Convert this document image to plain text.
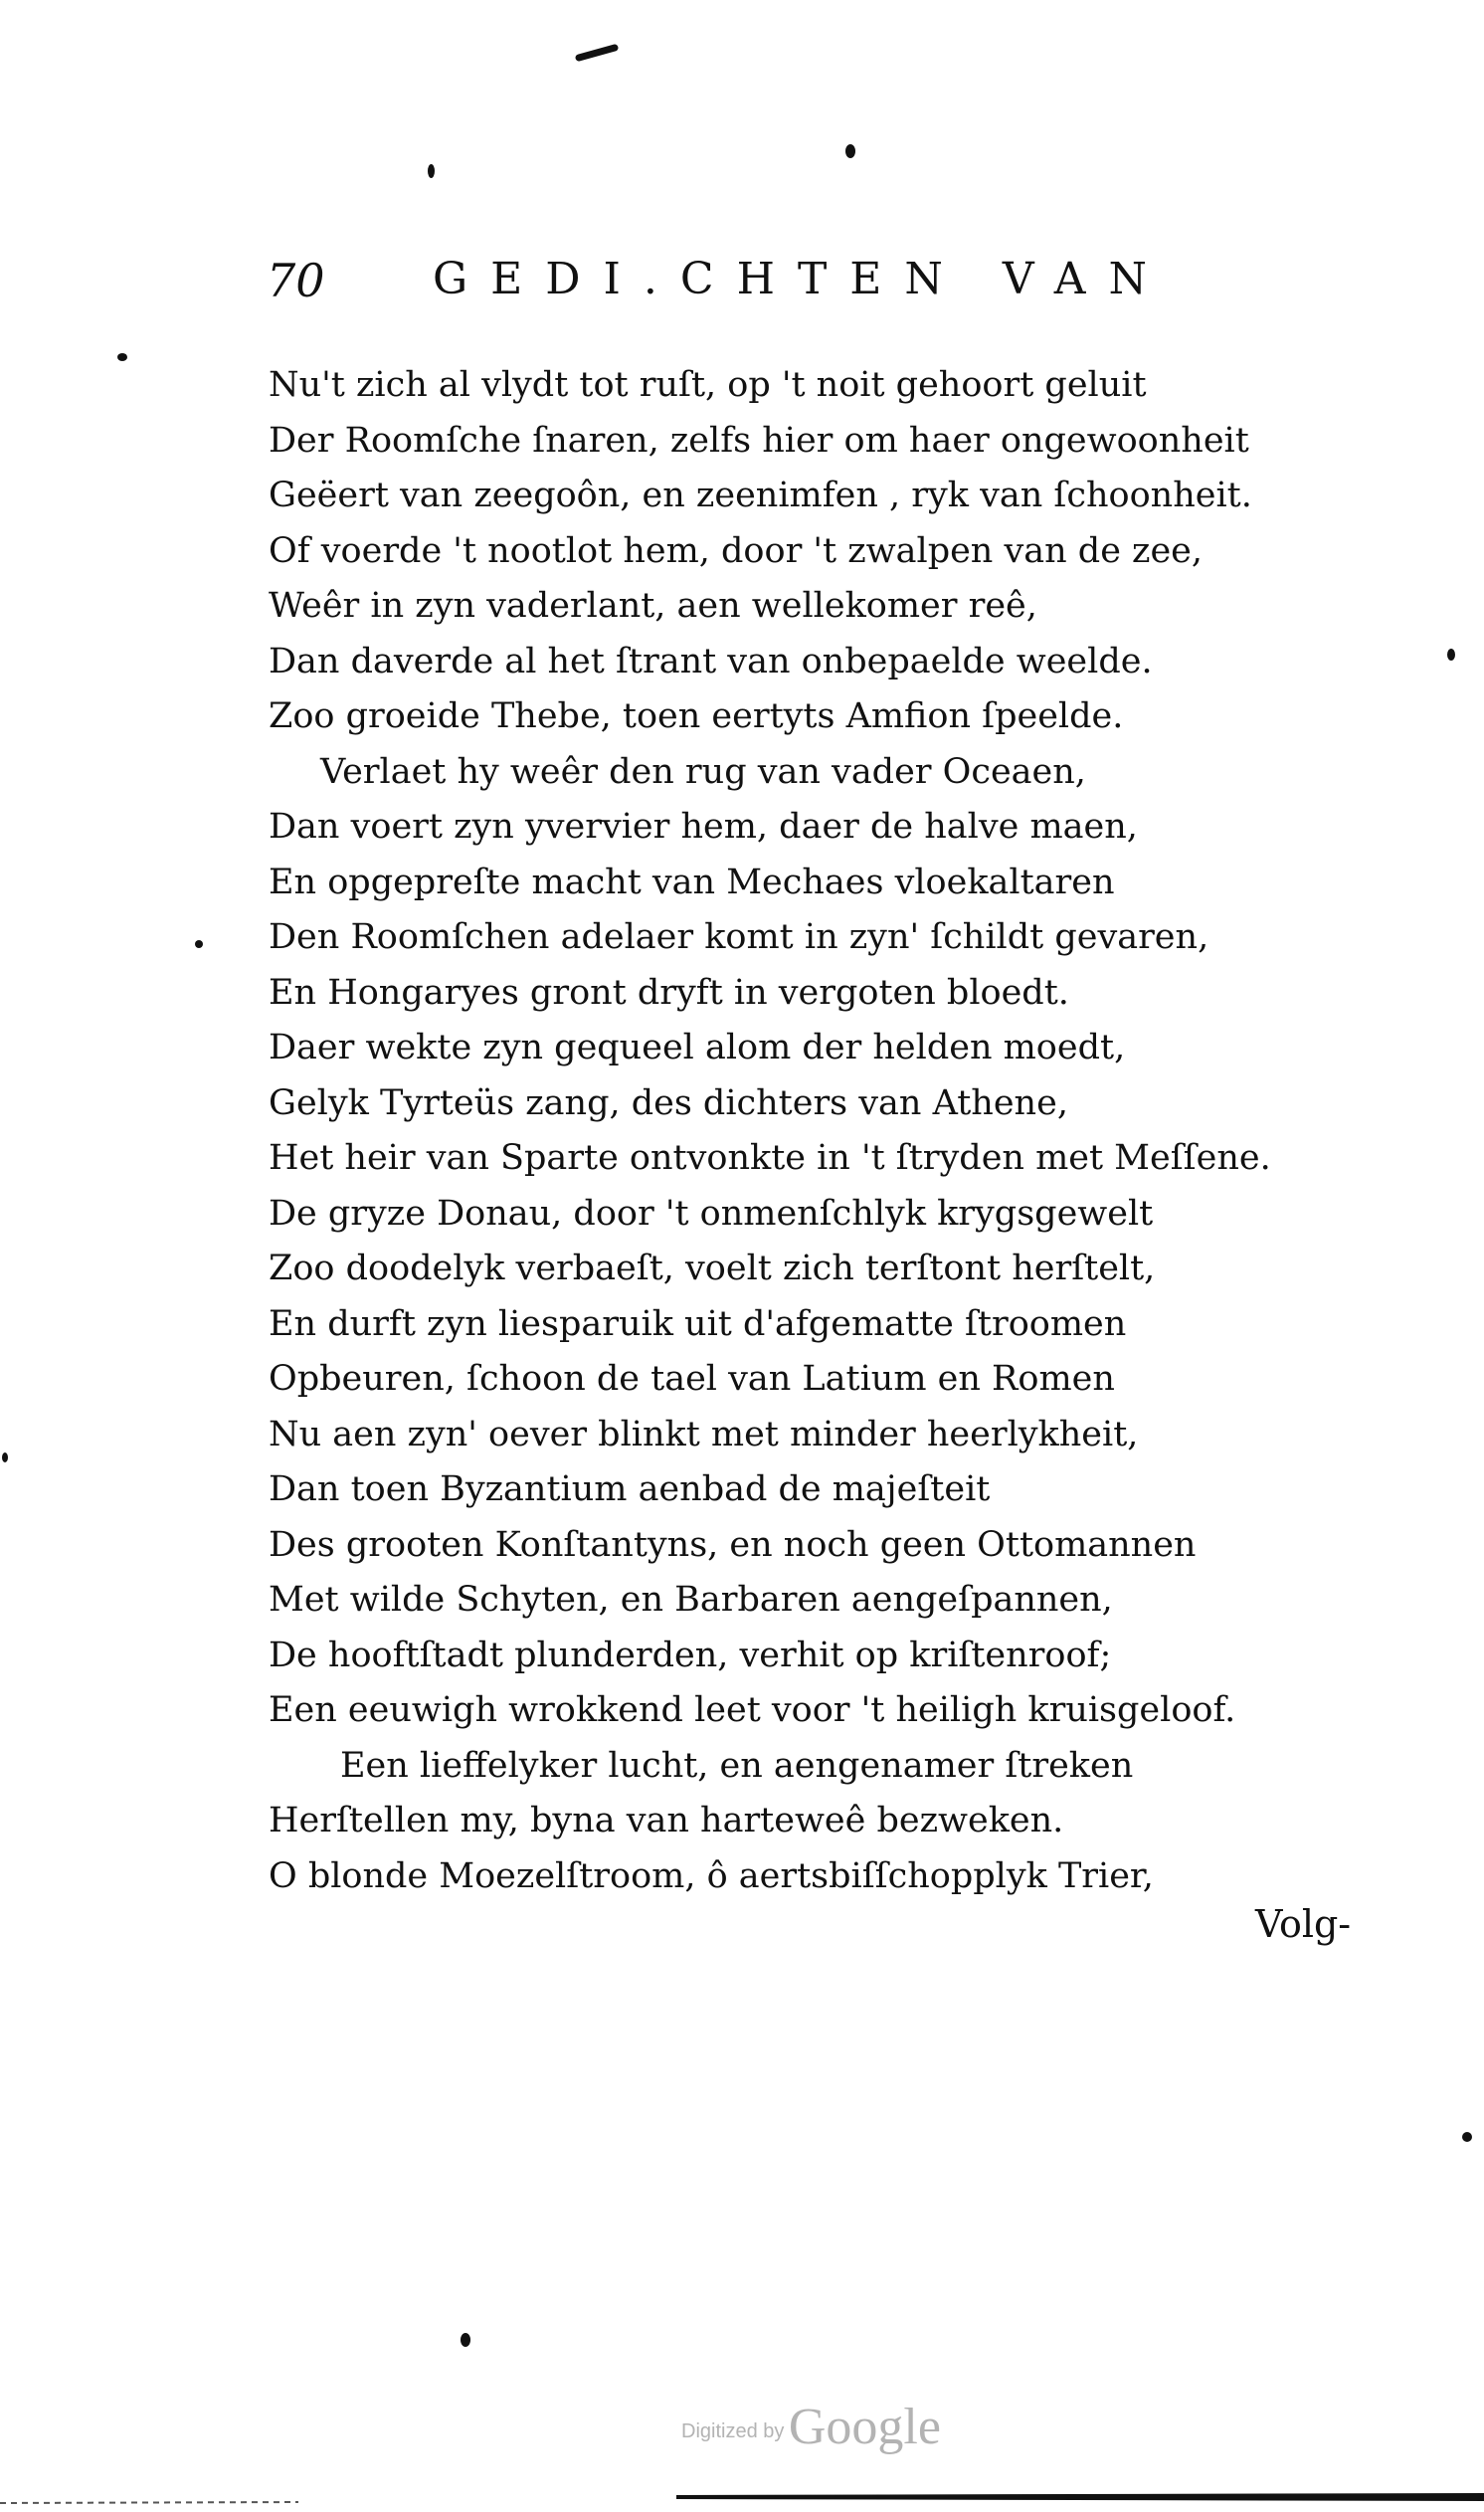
70 GEDI.CHTEN VAN
Nu't zich al vlydt tot ruſt, op 't noit gehoort geluit
Der Roomſche ſnaren, zelfs hier om haer ongewoonheit
Geëert van zeegoôn, en zeenimfen , ryk van ſchoonheit.
Of voerde 't nootlot hem, door 't zwalpen van de zee,
Weêr in zyn vaderlant, aen wellekomer reê,
Dan daverde al het ſtrant van onbepaelde weelde.
Zoo groeide Thebe, toen eertyts Amfion ſpeelde.
Verlaet hy weêr den rug van vader Oceaen,
Dan voert zyn yvervier hem, daer de halve maen,
En opgepreſte macht van Mechaes vloekaltaren
Den Roomſchen adelaer komt in zyn' ſchildt gevaren,
En Hongaryes gront dryft in vergoten bloedt.
Daer wekte zyn gequeel alom der helden moedt,
Gelyk Tyrteüs zang, des dichters van Athene,
Het heir van Sparte ontvonkte in 't ſtryden met Meſſene.
De gryze Donau, door 't onmenſchlyk krygsgewelt
Zoo doodelyk verbaeſt, voelt zich terſtont herſtelt,
En durft zyn liesparuik uit d'afgematte ſtroomen
Opbeuren, ſchoon de tael van Latium en Romen
Nu aen zyn' oever blinkt met minder heerlykheit,
Dan toen Byzantium aenbad de majeſteit
Des grooten Konſtantyns, en noch geen Ottomannen
Met wilde Schyten, en Barbaren aengeſpannen,
De hooftſtadt plunderden, verhit op kriſtenroof;
Een eeuwigh wrokkend leet voor 't heiligh kruisgeloof.
Een lieffelyker lucht, en aengenamer ſtreken
Herſtellen my, byna van harteweê bezweken.
O blonde Moezelſtroom, ô aertsbiſſchopplyk Trier,
Volg-
Digitized by Google
